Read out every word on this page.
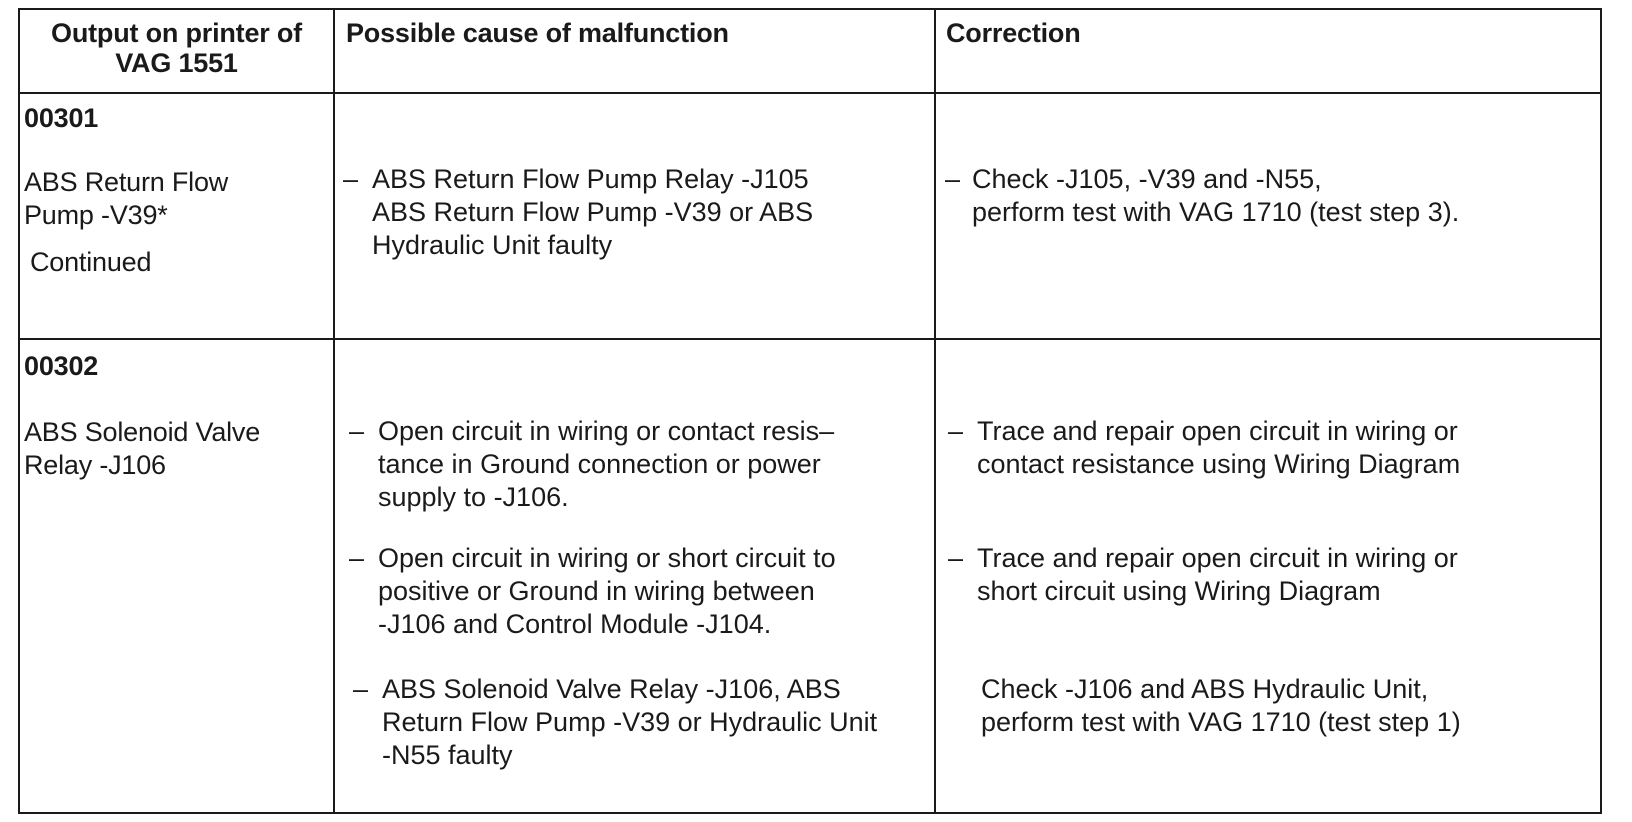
Output on printer of
VAG 1551
Possible cause of malfunction	Correction
00301
ABS Return Flow
Pump -V39*
Continued
– ABS Return Flow Pump Relay -J105
ABS Return Flow Pump -V39 or ABS
Hydraulic Unit faulty
– Check -J105, -V39 and -N55,
perform test with VAG 1710 (test step 3).
00302
ABS Solenoid Valve
Relay -J106
– Open circuit in wiring or contact resis–
tance in Ground connection or power
supply to -J106.
– Trace and repair open circuit in wiring or
contact resistance using Wiring Diagram
– Open circuit in wiring or short circuit to
positive or Ground in wiring between
-J106 and Control Module -J104.
– Trace and repair open circuit in wiring or
short circuit using Wiring Diagram
– ABS Solenoid Valve Relay -J106, ABS
Return Flow Pump -V39 or Hydraulic Unit
-N55 faulty
Check -J106 and ABS Hydraulic Unit,
perform test with VAG 1710 (test step 1)
